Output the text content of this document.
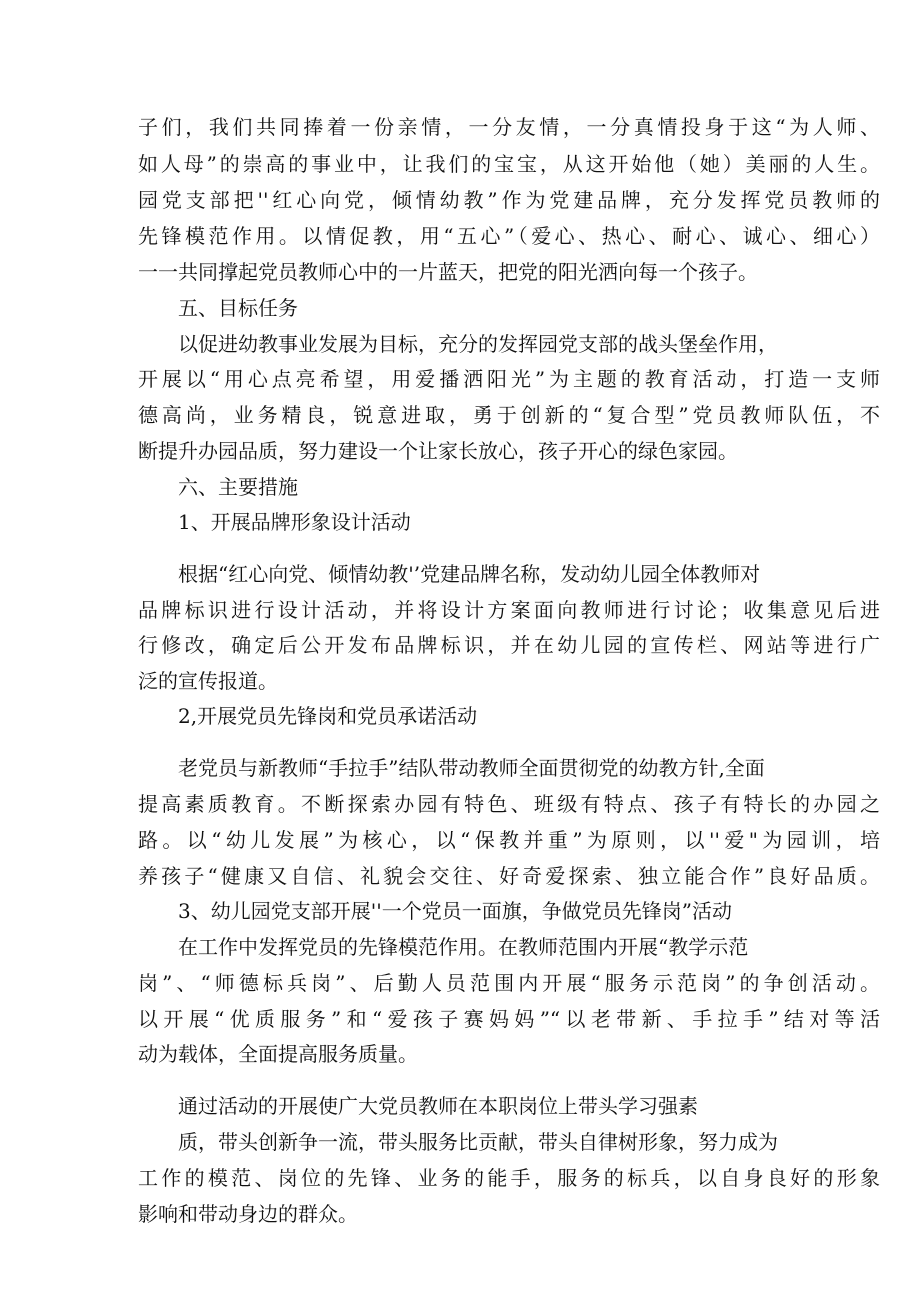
子们，我们共同捧着一份亲情，一分友情，一分真情投身于这“为人师、
如人母”的崇高的事业中，让我们的宝宝，从这开始他（她）美丽的人生。
园党支部把''红心向党，倾情幼教”作为党建品牌，充分发挥党员教师的
先锋模范作用。以情促教，用“五心”（爱心、热心、耐心、诚心、细心）
一一共同撑起党员教师心中的一片蓝天，把党的阳光洒向每一个孩子。
五、目标任务
以促进幼教事业发展为目标，充分的发挥园党支部的战头堡垒作用，
开展以“用心点亮希望，用爱播洒阳光”为主题的教育活动，打造一支师
德高尚，业务精良，锐意进取，勇于创新的“复合型”党员教师队伍，不
断提升办园品质，努力建设一个让家长放心，孩子开心的绿色家园。
六、主要措施
1、开展品牌形象设计活动
根据“红心向党、倾情幼教'’党建品牌名称，发动幼儿园全体教师对
品牌标识进行设计活动，并将设计方案面向教师进行讨论；收集意见后进
行修改，确定后公开发布品牌标识，并在幼儿园的宣传栏、网站等进行广
泛的宣传报道。
2,开展党员先锋岗和党员承诺活动
老党员与新教师“手拉手”结队带动教师全面贯彻党的幼教方针,全面
提高素质教育。不断探索办园有特色、班级有特点、孩子有特长的办园之
路。以“幼儿发展”为核心，以“保教并重”为原则，以''爱"为园训，培
养孩子“健康又自信、礼貌会交往、好奇爱探索、独立能合作”良好品质。
3、幼儿园党支部开展''一个党员一面旗，争做党员先锋岗”活动
在工作中发挥党员的先锋模范作用。在教师范围内开展“教学示范
岗”、“师德标兵岗”、后勤人员范围内开展“服务示范岗”的争创活动。
以开展“优质服务”和“爱孩子赛妈妈”“以老带新、手拉手”结对等活
动为载体，全面提高服务质量。
通过活动的开展使广大党员教师在本职岗位上带头学习强素
质，带头创新争一流，带头服务比贡献，带头自律树形象，努力成为
工作的模范、岗位的先锋、业务的能手，服务的标兵，以自身良好的形象
影响和带动身边的群众。
